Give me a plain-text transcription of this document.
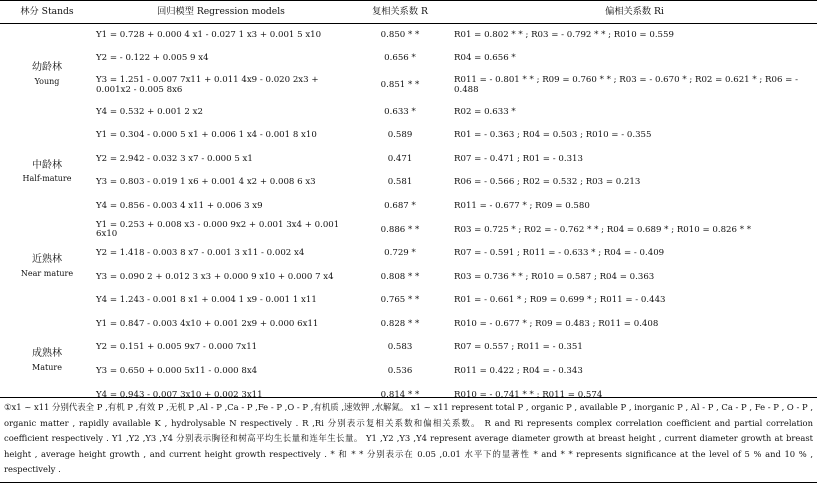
林分 Stands	回归模型 Regression models	复相关系数 R	偏相关系数 Ri

幼龄林
Young	Y1 = 0.728 + 0.000 4 x1 - 0.027 1 x3 + 0.001 5 x10	0.850 * *	R01 = 0.802 * * ; R03 = - 0.792 * * ; R010 = 0.559
	Y2 = - 0.122 + 0.005 9 x4	0.656 *	R04 = 0.656 *
	Y3 = 1.251 - 0.007 7x11 + 0.011 4x9 - 0.020 2x3 + 0.001x2 - 0.005 8x6	0.851 * *	R011 = - 0.801 * * ; R09 = 0.760 * * ; R03 = - 0.670 * ; R02 = 0.621 * ; R06 = - 0.488
	Y4 = 0.532 + 0.001 2 x2	0.633 *	R02 = 0.633 *

中龄林
Half-mature	Y1 = 0.304 - 0.000 5 x1 + 0.006 1 x4 - 0.001 8 x10	0.589	R01 = - 0.363 ; R04 = 0.503 ; R010 = - 0.355
	Y2 = 2.942 - 0.032 3 x7 - 0.000 5 x1	0.471	R07 = - 0.471 ; R01 = - 0.313
	Y3 = 0.803 - 0.019 1 x6 + 0.001 4 x2 + 0.008 6 x3	0.581	R06 = - 0.566 ; R02 = 0.532 ; R03 = 0.213
	Y4 = 0.856 - 0.003 4 x11 + 0.006 3 x9	0.687 *	R011 = - 0.677 * ; R09 = 0.580

近熟林
Near mature	Y1 = 0.253 + 0.008 x3 - 0.000 9x2 + 0.001 3x4 + 0.001 6x10	0.886 * *	R03 = 0.725 * ; R02 = - 0.762 * * ; R04 = 0.689 * ; R010 = 0.826 * *
	Y2 = 1.418 - 0.003 8 x7 - 0.001 3 x11 - 0.002 x4	0.729 *	R07 = - 0.591 ; R011 = - 0.633 * ; R04 = - 0.409
	Y3 = 0.090 2 + 0.012 3 x3 + 0.000 9 x10 + 0.000 7 x4	0.808 * *	R03 = 0.736 * * ; R010 = 0.587 ; R04 = 0.363
	Y4 = 1.243 - 0.001 8 x1 + 0.004 1 x9 - 0.001 1 x11	0.765 * *	R01 = - 0.661 * ; R09 = 0.699 * ; R011 = - 0.443

成熟林
Mature	Y1 = 0.847 - 0.003 4x10 + 0.001 2x9 + 0.000 6x11	0.828 * *	R010 = - 0.677 * ; R09 = 0.483 ; R011 = 0.408
	Y2 = 0.151 + 0.005 9x7 - 0.000 7x11	0.583	R07 = 0.557 ; R011 = - 0.351
	Y3 = 0.650 + 0.000 5x11 - 0.000 8x4	0.536	R011 = 0.422 ; R04 = - 0.343
	Y4 = 0.943 - 0.007 3x10 + 0.002 3x11	0.814 * *	R010 = - 0.741 * * ; R011 = 0.574
①x1 ~ x11 分别代表全 P ,有机 P ,有效 P ,无机 P ,Al - P ,Ca - P ,Fe - P ,O - P ,有机质 ,速效钾 ,水解氮。 x1 ~ x11 represent total P , organic P , available P , inorganic P , Al - P , Ca - P , Fe - P , O - P , organic matter , rapidly available K , hydrolysable N respectively . R ,Ri 分别表示复相关系数和偏相关系数。 R and Ri represents complex correlation coefficient and partial correlation coefficient respectively . Y1 ,Y2 ,Y3 ,Y4 分别表示胸径和树高平均生长量和连年生长量。 Y1 ,Y2 ,Y3 ,Y4 represent average diameter growth at breast height , current diameter growth at breast height , average height growth , and current height growth respectively . * 和 * * 分别表示在 0.05 ,0.01 水平下的显著性 * and * * represents significance at the level of 5 % and 10 % , respectively .
